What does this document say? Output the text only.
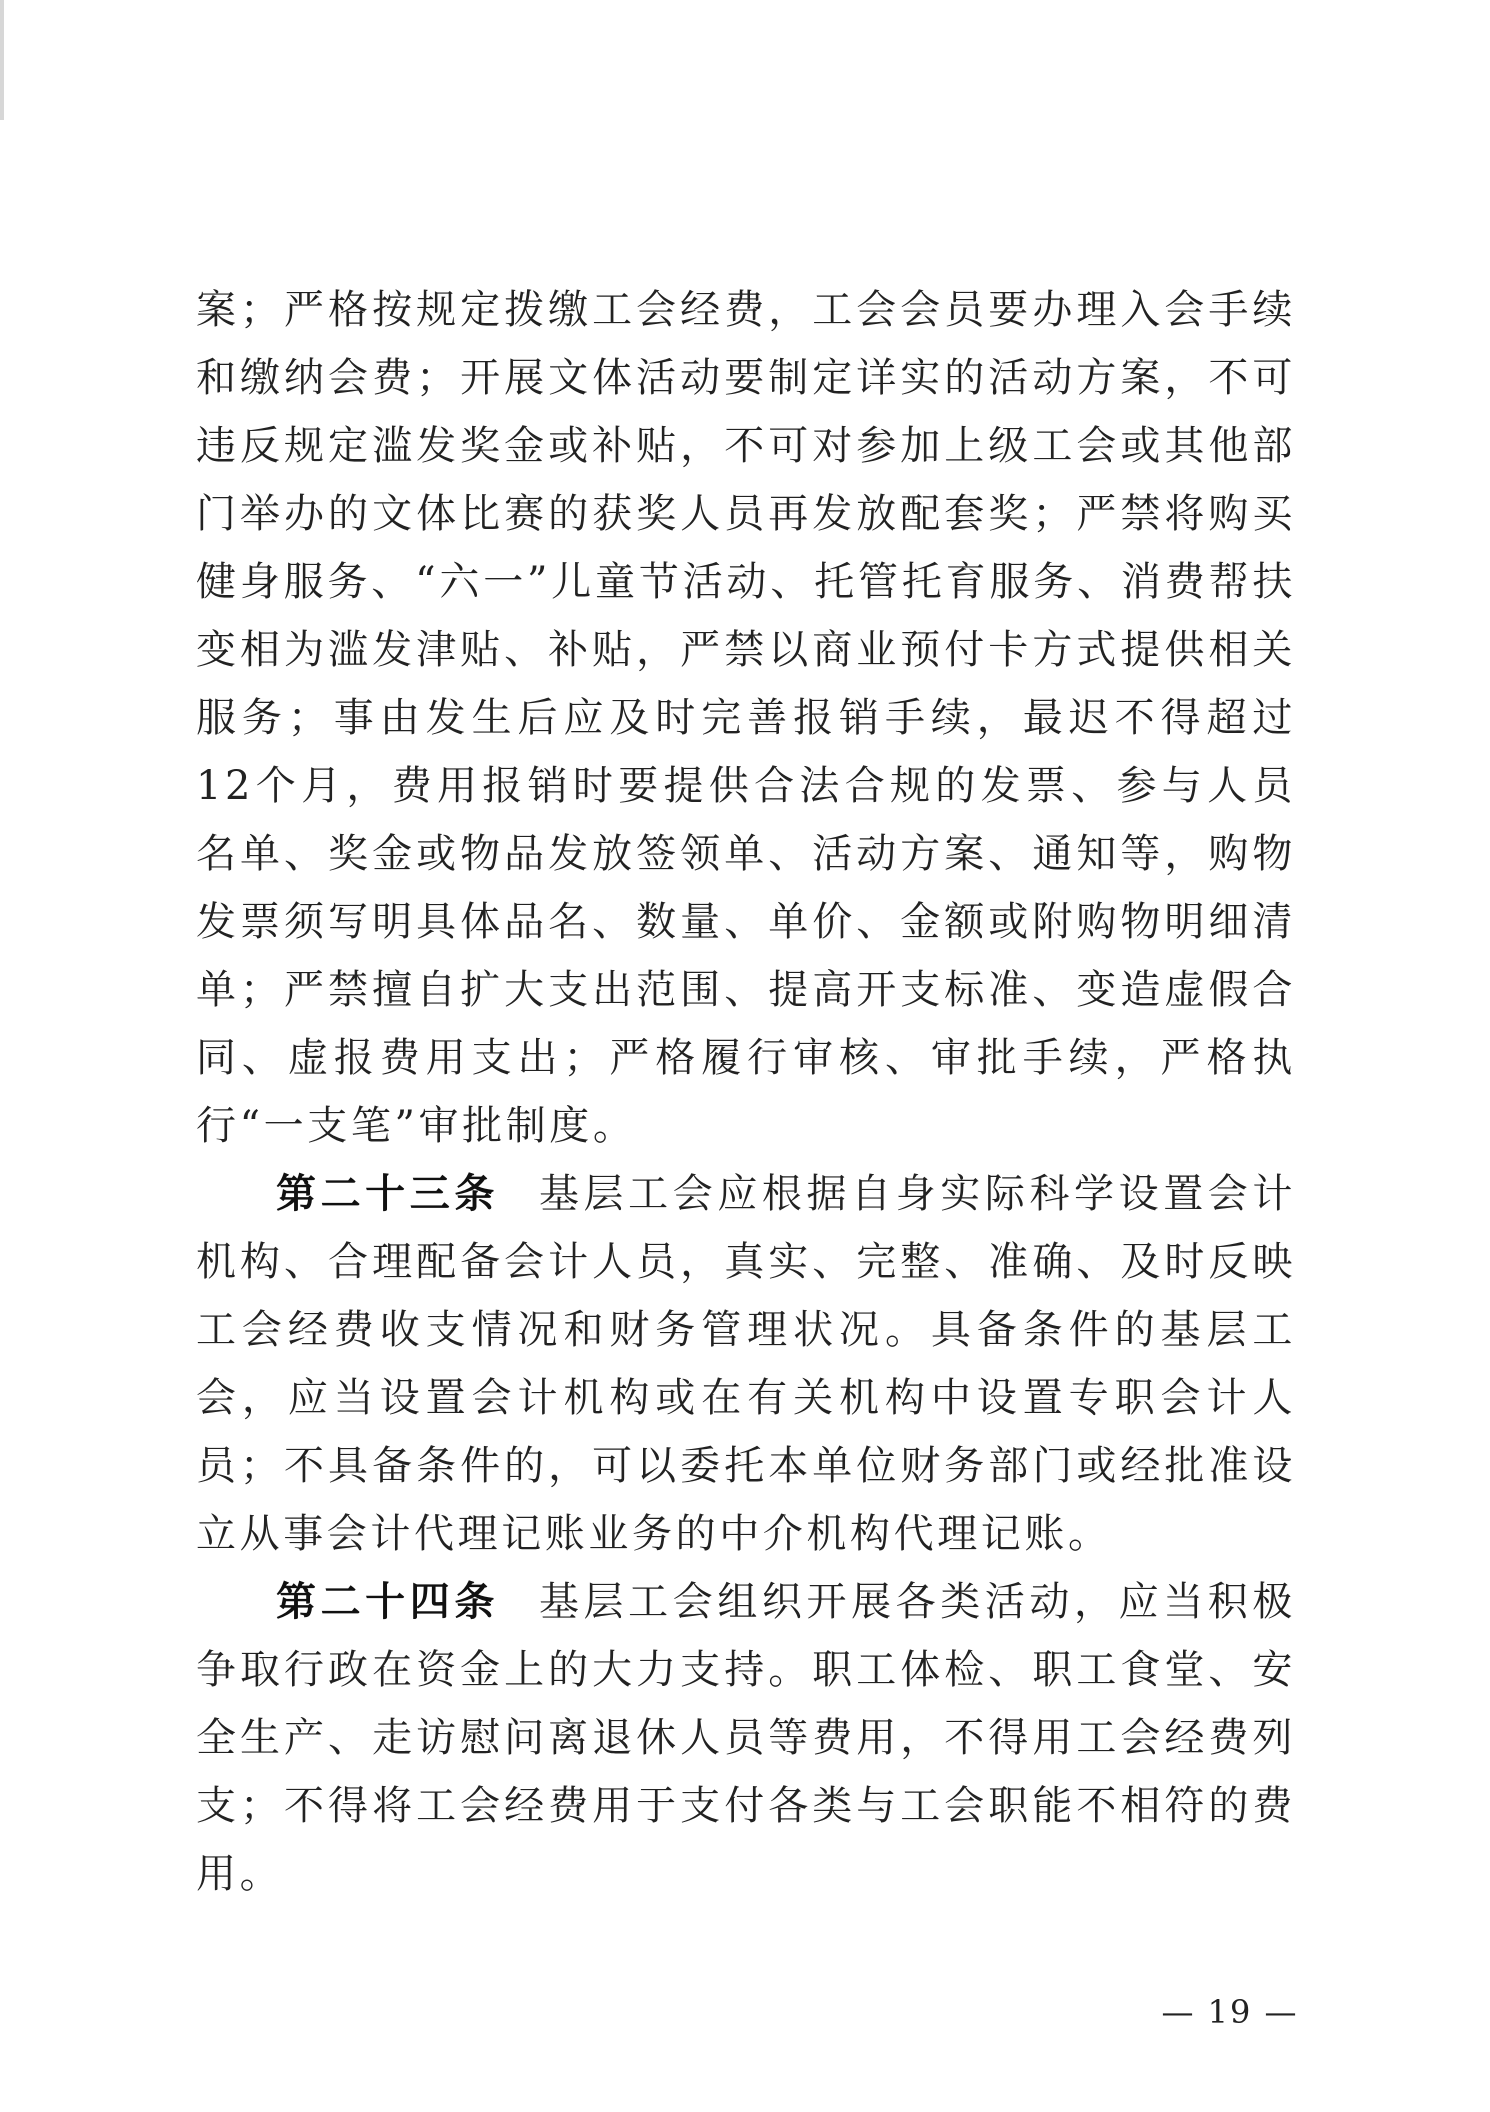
案；严格按规定拨缴工会经费，工会会员要办理入会手续和缴纳会费；开展文体活动要制定详实的活动方案，不可违反规定滥发奖金或补贴，不可对参加上级工会或其他部门举办的文体比赛的获奖人员再发放配套奖；严禁将购买健身服务、“六一”儿童节活动、托管托育服务、消费帮扶变相为滥发津贴、补贴，严禁以商业预付卡方式提供相关服务；事由发生后应及时完善报销手续，最迟不得超过12个月，费用报销时要提供合法合规的发票、参与人员名单、奖金或物品发放签领单、活动方案、通知等，购物发票须写明具体品名、数量、单价、金额或附购物明细清单；严禁擅自扩大支出范围、提高开支标准、变造虚假合同、虚报费用支出；严格履行审核、审批手续，严格执行“一支笔”审批制度。

第二十三条 基层工会应根据自身实际科学设置会计机构、合理配备会计人员，真实、完整、准确、及时反映工会经费收支情况和财务管理状况。具备条件的基层工会，应当设置会计机构或在有关机构中设置专职会计人员；不具备条件的，可以委托本单位财务部门或经批准设立从事会计代理记账业务的中介机构代理记账。

第二十四条 基层工会组织开展各类活动，应当积极争取行政在资金上的大力支持。职工体检、职工食堂、安全生产、走访慰问离退休人员等费用，不得用工会经费列支；不得将工会经费用于支付各类与工会职能不相符的费用。

— 19 —
